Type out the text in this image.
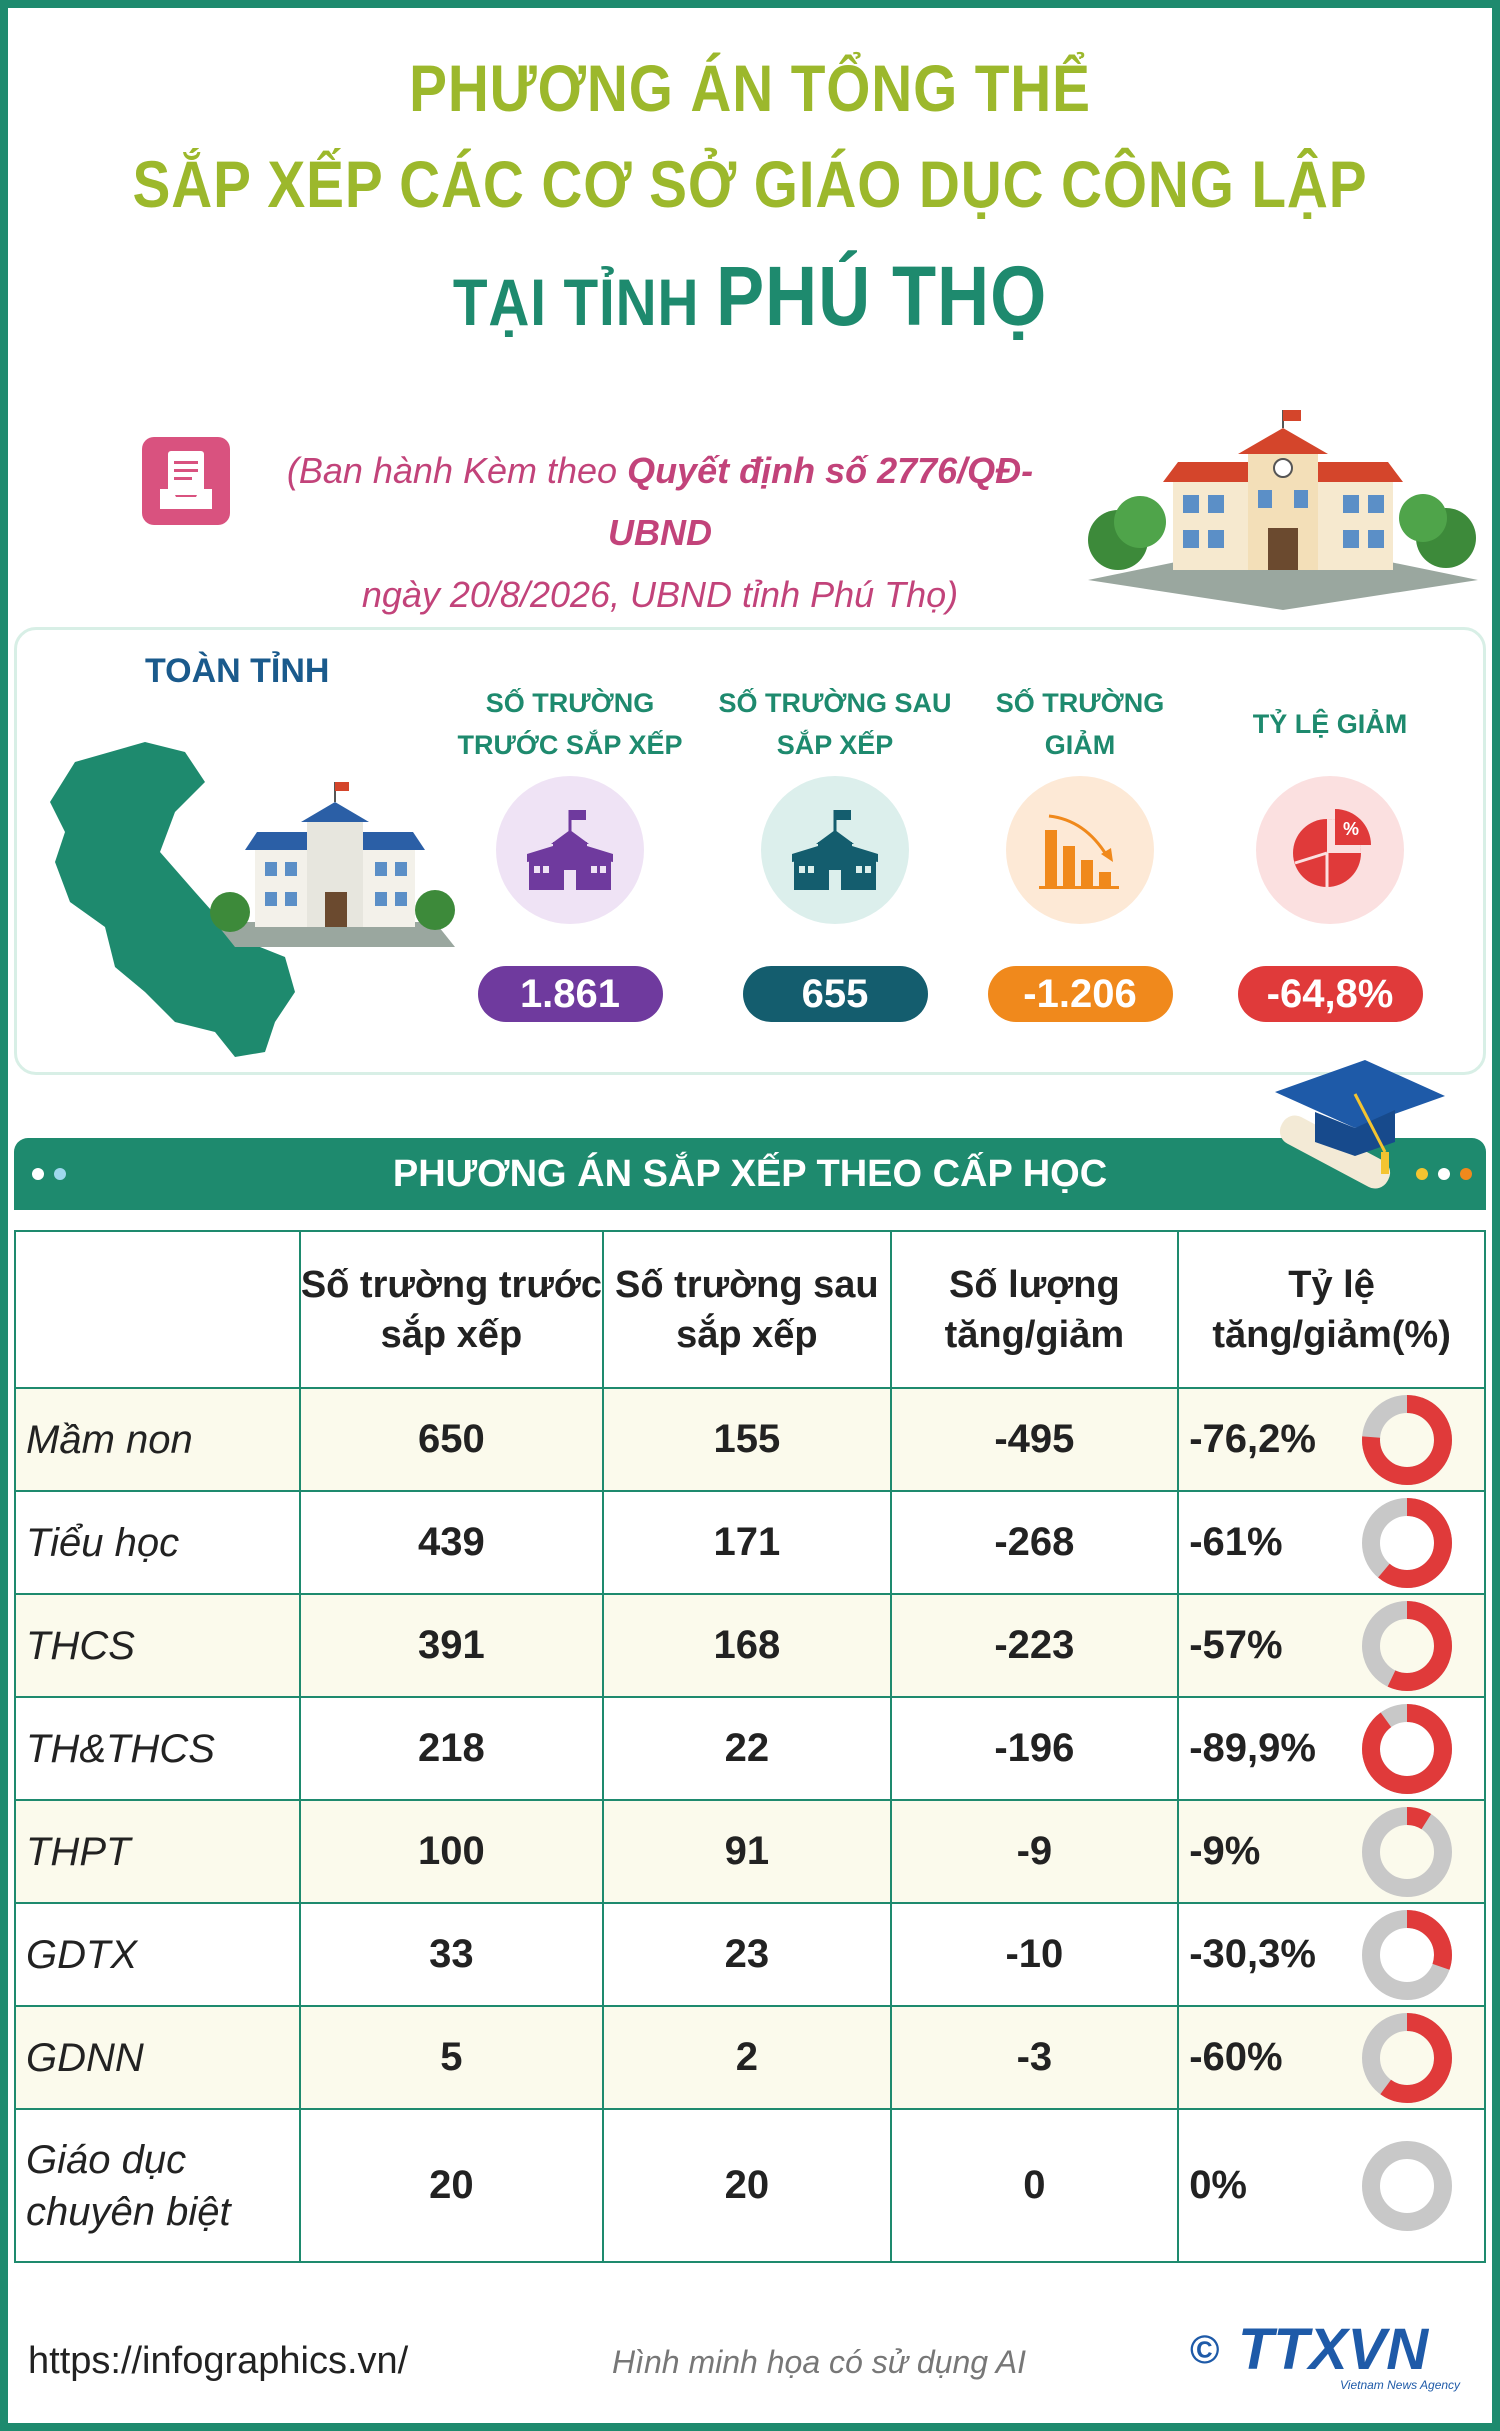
PHƯƠNG ÁN TỔNG THỂ
SẮP XẾP CÁC CƠ SỞ GIÁO DỤC CÔNG LẬP
TẠI TỈNH PHÚ THỌ
(Ban hành Kèm theo Quyết định số 2776/QĐ-UBND
ngày 20/8/2026, UBND tỉnh Phú Thọ)
TOÀN TỈNH
SỐ TRƯỜNG TRƯỚC SẮP XẾP
1.861
SỐ TRƯỜNG SAU SẮP XẾP
655
SỐ TRƯỜNG GIẢM
-1.206
TỶ LỆ GIẢM
%
-64,8%
PHƯƠNG ÁN SẮP XẾP THEO CẤP HỌC
	Số trường trước sắp xếp	Số trường sau sắp xếp	Số lượng tăng/giảm	Tỷ lệ tăng/giảm(%)
Mầm non	650	155	-495	-76,2%

Tiểu học	439	171	-268	-61%

THCS	391	168	-223	-57%

TH&THCS	218	22	-196	-89,9%

THPT	100	91	-9	-9%

GDTX	33	23	-10	-30,3%

GDNN	5	2	-3	-60%

Giáo dục chuyên biệt	20	20	0	0%
https://infographics.vn/	Hình minh họa có sử dụng AI	© TTXVN
Vietnam News Agency
